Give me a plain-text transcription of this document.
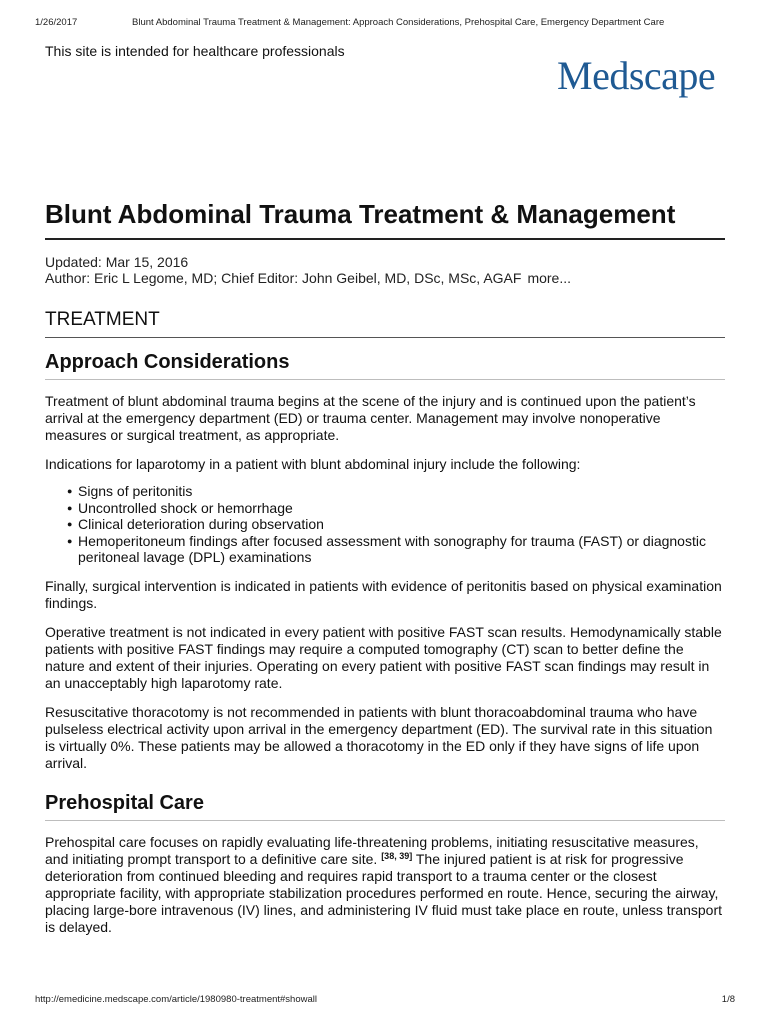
1/26/2017	Blunt Abdominal Trauma Treatment & Management: Approach Considerations, Prehospital Care, Emergency Department Care
This site is intended for healthcare professionals
Medscape
Blunt Abdominal Trauma Treatment & Management
Updated: Mar 15, 2016
Author: Eric L Legome, MD; Chief Editor: John Geibel, MD, DSc, MSc, AGAF more...
TREATMENT
Approach Considerations

Treatment of blunt abdominal trauma begins at the scene of the injury and is continued upon the patient’s arrival at the emergency department (ED) or trauma center. Management may involve nonoperative measures or surgical treatment, as appropriate.

Indications for laparotomy in a patient with blunt abdominal injury include the following:

● Signs of peritonitis
● Uncontrolled shock or hemorrhage
● Clinical deterioration during observation
● Hemoperitoneum findings after focused assessment with sonography for trauma (FAST) or diagnostic peritoneal lavage (DPL) examinations

Finally, surgical intervention is indicated in patients with evidence of peritonitis based on physical examination findings.

Operative treatment is not indicated in every patient with positive FAST scan results. Hemodynamically stable patients with positive FAST findings may require a computed tomography (CT) scan to better define the nature and extent of their injuries. Operating on every patient with positive FAST scan findings may result in an unacceptably high laparotomy rate.

Resuscitative thoracotomy is not recommended in patients with blunt thoracoabdominal trauma who have pulseless electrical activity upon arrival in the emergency department (ED). The survival rate in this situation is virtually 0%. These patients may be allowed a thoracotomy in the ED only if they have signs of life upon arrival.

Prehospital Care

Prehospital care focuses on rapidly evaluating life-threatening problems, initiating resuscitative measures, and initiating prompt transport to a definitive care site. [38, 39] The injured patient is at risk for progressive deterioration from continued bleeding and requires rapid transport to a trauma center or the closest appropriate facility, with appropriate stabilization procedures performed en route. Hence, securing the airway, placing large-bore intravenous (IV) lines, and administering IV fluid must take place en route, unless transport is delayed.

http://emedicine.medscape.com/article/1980980-treatment#showall	1/8
